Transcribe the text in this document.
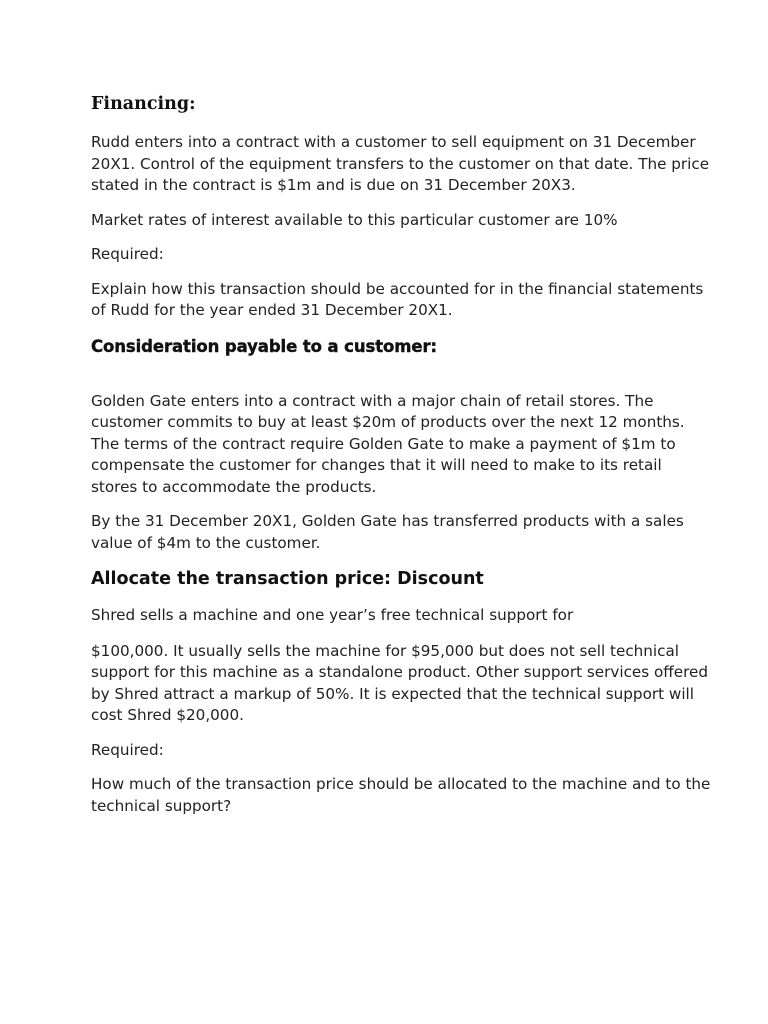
Financing:

Rudd enters into a contract with a customer to sell equipment on 31 December 20X1. Control of the equipment transfers to the customer on that date. The price stated in the contract is $1m and is due on 31 December 20X3.

Market rates of interest available to this particular customer are 10%

Required:

Explain how this transaction should be accounted for in the financial statements of Rudd for the year ended 31 December 20X1.

Consideration payable to a customer:

Golden Gate enters into a contract with a major chain of retail stores. The customer commits to buy at least $20m of products over the next 12 months. The terms of the contract require Golden Gate to make a payment of $1m to compensate the customer for changes that it will need to make to its retail stores to accommodate the products.

By the 31 December 20X1, Golden Gate has transferred products with a sales value of $4m to the customer.

Allocate the transaction price: Discount

Shred sells a machine and one year’s free technical support for

$100,000. It usually sells the machine for $95,000 but does not sell technical support for this machine as a standalone product. Other support services offered by Shred attract a markup of 50%. It is expected that the technical support will cost Shred $20,000.

Required:

How much of the transaction price should be allocated to the machine and to the technical support?
